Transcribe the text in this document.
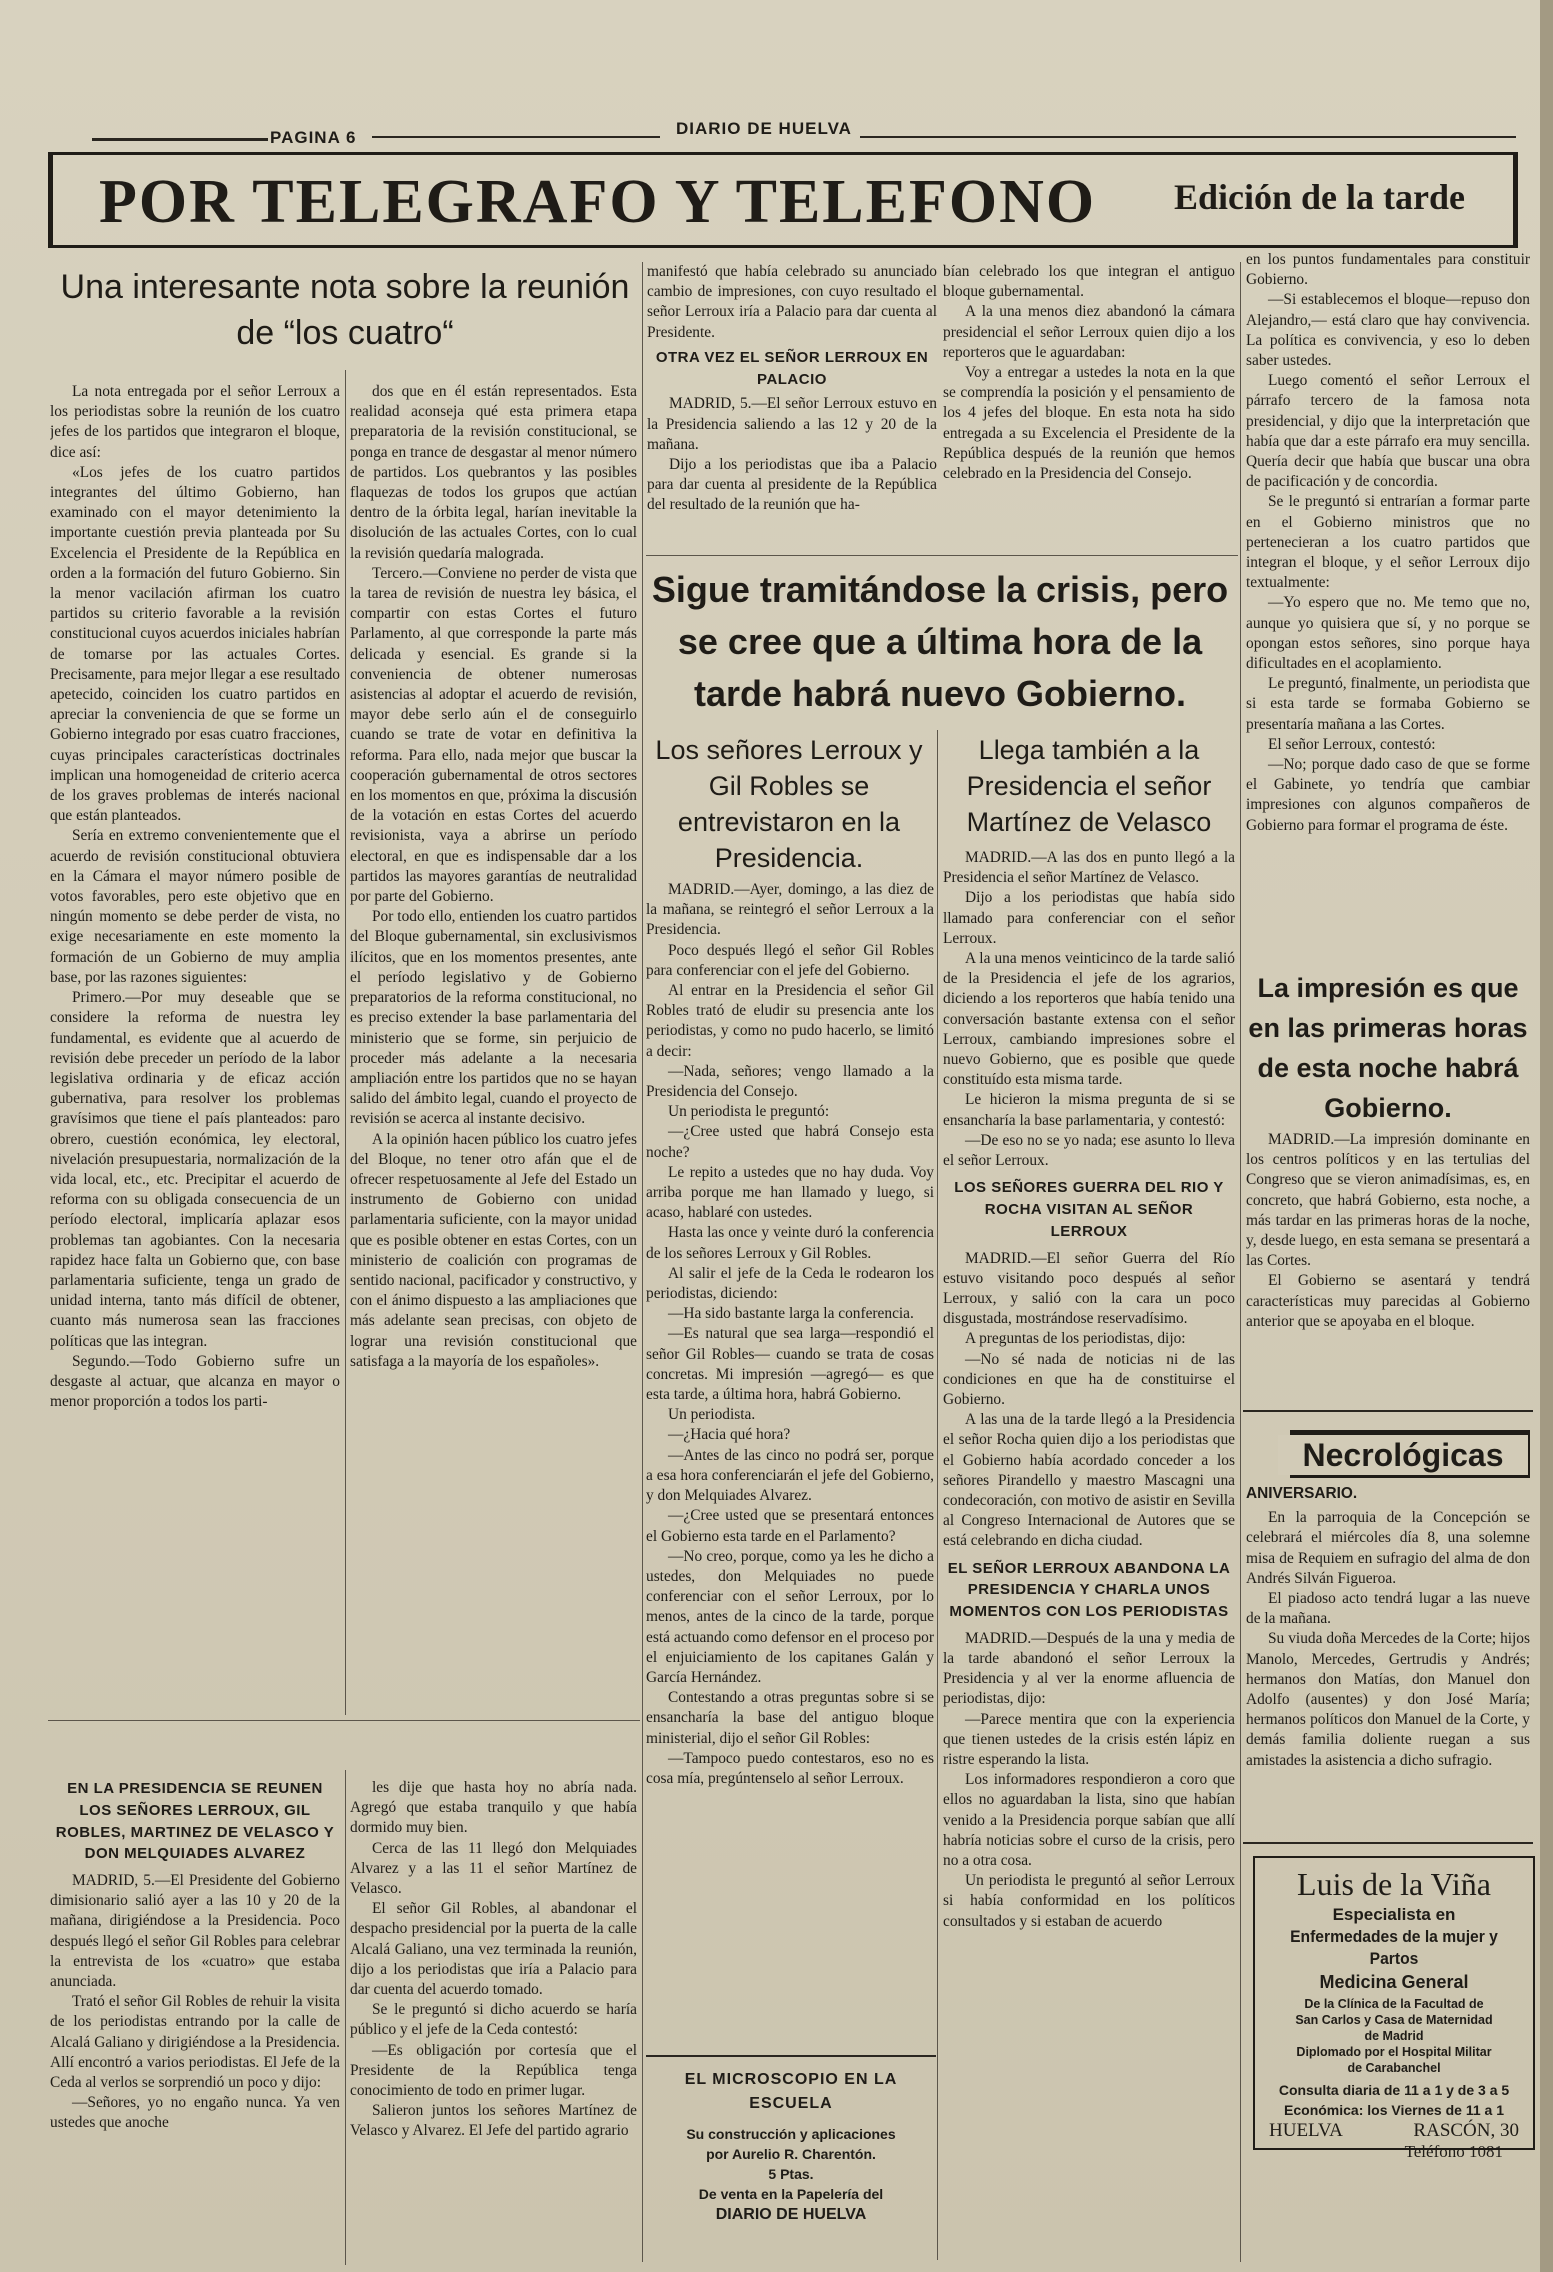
PAGINA 6	DIARIO DE HUELVA
POR TELEGRAFO Y TELEFONO Edición de la tarde
Una interesante nota sobre la reunión de “los cuatro“

La nota entregada por el señor Lerroux a los periodistas sobre la reunión de los cuatro jefes de los partidos que integraron el bloque, dice así:

«Los jefes de los cuatro partidos integrantes del último Gobierno, han examinado con el mayor detenimiento la importante cuestión previa planteada por Su Excelencia el Presidente de la República en orden a la formación del futuro Gobierno. Sin la menor vacilación afirman los cuatro partidos su criterio favorable a la revisión constitucional cuyos acuerdos iniciales habrían de tomarse por las actuales Cortes. Precisamente, para mejor llegar a ese resultado apetecido, coinciden los cuatro partidos en apreciar la conveniencia de que se forme un Gobierno integrado por esas cuatro fracciones, cuyas principales características doctrinales implican una homogeneidad de criterio acerca de los graves problemas de interés nacional que están planteados.

Sería en extremo convenientemente que el acuerdo de revisión constitucional obtuviera en la Cámara el mayor número posible de votos favorables, pero este objetivo que en ningún momento se debe perder de vista, no exige necesariamente en este momento la formación de un Gobierno de muy amplia base, por las razones siguientes:

Primero.—Por muy deseable que se considere la reforma de nuestra ley fundamental, es evidente que al acuerdo de revisión debe preceder un período de la labor legislativa ordinaria y de eficaz acción gubernativa, para resolver los problemas gravísimos que tiene el país planteados: paro obrero, cuestión económica, ley electoral, nivelación presupuestaria, normalización de la vida local, etc., etc. Precipitar el acuerdo de reforma con su obligada consecuencia de un período electoral, implicaría aplazar esos problemas tan agobiantes. Con la necesaria rapidez hace falta un Gobierno que, con base parlamentaria suficiente, tenga un grado de unidad interna, tanto más difícil de obtener, cuanto más numerosa sean las fracciones políticas que las integran.

Segundo.—Todo Gobierno sufre un desgaste al actuar, que alcanza en mayor o menor proporción a todos los parti-

dos que en él están representados. Esta realidad aconseja qué esta primera etapa preparatoria de la revisión constitucional, se ponga en trance de desgastar al menor número de partidos. Los quebrantos y las posibles flaquezas de todos los grupos que actúan dentro de la órbita legal, harían inevitable la disolución de las actuales Cortes, con lo cual la revisión quedaría malograda.

Tercero.—Conviene no perder de vista que la tarea de revisión de nuestra ley básica, el compartir con estas Cortes el futuro Parlamento, al que corresponde la parte más delicada y esencial. Es grande si la conveniencia de obtener numerosas asistencias al adoptar el acuerdo de revisión, mayor debe serlo aún el de conseguirlo cuando se trate de votar en definitiva la reforma. Para ello, nada mejor que buscar la cooperación gubernamental de otros sectores en los momentos en que, próxima la discusión de la votación en estas Cortes del acuerdo revisionista, vaya a abrirse un período electoral, en que es indispensable dar a los partidos las mayores garantías de neutralidad por parte del Gobierno.

Por todo ello, entienden los cuatro partidos del Bloque gubernamental, sin exclusivismos ilícitos, que en los momentos presentes, ante el período legislativo y de Gobierno preparatorios de la reforma constitucional, no es preciso extender la base parlamentaria del ministerio que se forme, sin perjuicio de proceder más adelante a la necesaria ampliación entre los partidos que no se hayan salido del ámbito legal, cuando el proyecto de revisión se acerca al instante decisivo.

A la opinión hacen público los cuatro jefes del Bloque, no tener otro afán que el de ofrecer respetuosamente al Jefe del Estado un instrumento de Gobierno con unidad parlamentaria suficiente, con la mayor unidad que es posible obtener en estas Cortes, con un ministerio de coalición con programas de sentido nacional, pacificador y constructivo, y con el ánimo dispuesto a las ampliaciones que más adelante sean precisas, con objeto de lograr una revisión constitucional que satisfaga a la mayoría de los españoles».

EN LA PRESIDENCIA SE REUNEN LOS SEÑORES LERROUX, GIL ROBLES, MARTINEZ DE VELASCO Y DON MELQUIADES ALVAREZ

MADRID, 5.—El Presidente del Gobierno dimisionario salió ayer a las 10 y 20 de la mañana, dirigiéndose a la Presidencia. Poco después llegó el señor Gil Robles para celebrar la entrevista de los «cuatro» que estaba anunciada.

Trató el señor Gil Robles de rehuir la visita de los periodistas entrando por la calle de Alcalá Galiano y dirigiéndose a la Presidencia. Allí encontró a varios periodistas. El Jefe de la Ceda al verlos se sorprendió un poco y dijo:

—Señores, yo no engaño nunca. Ya ven ustedes que anoche

les dije que hasta hoy no abría nada. Agregó que estaba tranquilo y que había dormido muy bien.

Cerca de las 11 llegó don Melquiades Alvarez y a las 11 el señor Martínez de Velasco.

El señor Gil Robles, al abandonar el despacho presidencial por la puerta de la calle Alcalá Galiano, una vez terminada la reunión, dijo a los periodistas que iría a Palacio para dar cuenta del acuerdo tomado.

Se le preguntó si dicho acuerdo se haría público y el jefe de la Ceda contestó:

—Es obligación por cortesía que el Presidente de la República tenga conocimiento de todo en primer lugar.

Salieron juntos los señores Martínez de Velasco y Alvarez. El Jefe del partido agrario

manifestó que había celebrado su anunciado cambio de impresiones, con cuyo resultado el señor Lerroux iría a Palacio para dar cuenta al Presidente.

OTRA VEZ EL SEÑOR LERROUX EN PALACIO

MADRID, 5.—El señor Lerroux estuvo en la Presidencia saliendo a las 12 y 20 de la mañana.

Dijo a los periodistas que iba a Palacio para dar cuenta al presidente de la República del resultado de la reunión que ha-

bían celebrado los que integran el antiguo bloque gubernamental.

A la una menos diez abandonó la cámara presidencial el señor Lerroux quien dijo a los reporteros que le aguardaban:

Voy a entregar a ustedes la nota en la que se comprendía la posición y el pensamiento de los 4 jefes del bloque. En esta nota ha sido entregada a su Excelencia el Presidente de la República después de la reunión que hemos celebrado en la Presidencia del Consejo.

Sigue tramitándose la crisis, pero se cree que a última hora de la tarde habrá nuevo Gobierno.
Los señores Lerroux y Gil Robles se entrevistaron en la Presidencia.

MADRID.—Ayer, domingo, a las diez de la mañana, se reintegró el señor Lerroux a la Presidencia.

Poco después llegó el señor Gil Robles para conferenciar con el jefe del Gobierno.

Al entrar en la Presidencia el señor Gil Robles trató de eludir su presencia ante los periodistas, y como no pudo hacerlo, se limitó a decir:

—Nada, señores; vengo llamado a la Presidencia del Consejo.

Un periodista le preguntó:

—¿Cree usted que habrá Consejo esta noche?

Le repito a ustedes que no hay duda. Voy arriba porque me han llamado y luego, si acaso, hablaré con ustedes.

Hasta las once y veinte duró la conferencia de los señores Lerroux y Gil Robles.

Al salir el jefe de la Ceda le rodearon los periodistas, diciendo:

—Ha sido bastante larga la conferencia.

—Es natural que sea larga—respondió el señor Gil Robles— cuando se trata de cosas concretas. Mi impresión —agregó— es que esta tarde, a última hora, habrá Gobierno.

Un periodista.

—¿Hacia qué hora?

—Antes de las cinco no podrá ser, porque a esa hora conferenciarán el jefe del Gobierno, y don Melquiades Alvarez.

—¿Cree usted que se presentará entonces el Gobierno esta tarde en el Parlamento?

—No creo, porque, como ya les he dicho a ustedes, don Melquiades no puede conferenciar con el señor Lerroux, por lo menos, antes de la cinco de la tarde, porque está actuando como defensor en el proceso por el enjuiciamiento de los capitanes Galán y García Hernández.

Contestando a otras preguntas sobre si se ensancharía la base del antiguo bloque ministerial, dijo el señor Gil Robles:

—Tampoco puedo contestaros, eso no es cosa mía, pregúntenselo al señor Lerroux.

EL MICROSCOPIO EN LA ESCUELA
Su construcción y aplicaciones
por Aurelio R. Charentón.
5 Ptas.
De venta en la Papelería del
DIARIO DE HUELVA
Llega también a la Presidencia el señor Martínez de Velasco

MADRID.—A las dos en punto llegó a la Presidencia el señor Martínez de Velasco.

Dijo a los periodistas que había sido llamado para conferenciar con el señor Lerroux.

A la una menos veinticinco de la tarde salió de la Presidencia el jefe de los agrarios, diciendo a los reporteros que había tenido una conversación bastante extensa con el señor Lerroux, cambiando impresiones sobre el nuevo Gobierno, que es posible que quede constituído esta misma tarde.

Le hicieron la misma pregunta de si se ensancharía la base parlamentaria, y contestó:

—De eso no se yo nada; ese asunto lo lleva el señor Lerroux.

LOS SEÑORES GUERRA DEL RIO Y ROCHA VISITAN AL SEÑOR LERROUX

MADRID.—El señor Guerra del Río estuvo visitando poco después al señor Lerroux, y salió con la cara un poco disgustada, mostrándose reservadísimo.

A preguntas de los periodistas, dijo:

—No sé nada de noticias ni de las condiciones en que ha de constituirse el Gobierno.

A las una de la tarde llegó a la Presidencia el señor Rocha quien dijo a los periodistas que el Gobierno había acordado conceder a los señores Pirandello y maestro Mascagni una condecoración, con motivo de asistir en Sevilla al Congreso Internacional de Autores que se está celebrando en dicha ciudad.

EL SEÑOR LERROUX ABANDONA LA PRESIDENCIA Y CHARLA UNOS MOMENTOS CON LOS PERIODISTAS

MADRID.—Después de la una y media de la tarde abandonó el señor Lerroux la Presidencia y al ver la enorme afluencia de periodistas, dijo:

—Parece mentira que con la experiencia que tienen ustedes de la crisis estén lápiz en ristre esperando la lista.

Los informadores respondieron a coro que ellos no aguardaban la lista, sino que habían venido a la Presidencia porque sabían que allí habría noticias sobre el curso de la crisis, pero no a otra cosa.

Un periodista le preguntó al señor Lerroux si había conformidad en los políticos consultados y si estaban de acuerdo

en los puntos fundamentales para constituir Gobierno.

—Si establecemos el bloque—repuso don Alejandro,— está claro que hay convivencia. La política es convivencia, y eso lo deben saber ustedes.

Luego comentó el señor Lerroux el párrafo tercero de la famosa nota presidencial, y dijo que la interpretación que había que dar a este párrafo era muy sencilla. Quería decir que había que buscar una obra de pacificación y de concordia.

Se le preguntó si entrarían a formar parte en el Gobierno ministros que no pertenecieran a los cuatro partidos que integran el bloque, y el señor Lerroux dijo textualmente:

—Yo espero que no. Me temo que no, aunque yo quisiera que sí, y no porque se opongan estos señores, sino porque haya dificultades en el acoplamiento.

Le preguntó, finalmente, un periodista que si esta tarde se formaba Gobierno se presentaría mañana a las Cortes.

El señor Lerroux, contestó:

—No; porque dado caso de que se forme el Gabinete, yo tendría que cambiar impresiones con algunos compañeros de Gobierno para formar el programa de éste.

La impresión es que en las primeras horas de esta noche habrá Gobierno.

MADRID.—La impresión dominante en los centros políticos y en las tertulias del Congreso que se vieron animadísimas, es, en concreto, que habrá Gobierno, esta noche, a más tardar en las primeras horas de la noche, y, desde luego, en esta semana se presentará a las Cortes.

El Gobierno se asentará y tendrá características muy parecidas al Gobierno anterior que se apoyaba en el bloque.

Necrológicas

ANIVERSARIO.

En la parroquia de la Concepción se celebrará el miércoles día 8, una solemne misa de Requiem en sufragio del alma de don Andrés Silván Figueroa.

El piadoso acto tendrá lugar a las nueve de la mañana.

Su viuda doña Mercedes de la Corte; hijos Manolo, Mercedes, Gertrudis y Andrés; hermanos don Matías, don Manuel don Adolfo (ausentes) y don José María; hermanos políticos don Manuel de la Corte, y demás familia doliente ruegan a sus amistades la asistencia a dicho sufragio.

Luis de la Viña
Especialista en
Enfermedades de la mujer y Partos
Medicina General
De la Clínica de la Facultad de
San Carlos y Casa de Maternidad
de Madrid
Diplomado por el Hospital Militar
de Carabanchel
Consulta diaria de 11 a 1 y de 3 a 5
Económica: los Viernes de 11 a 1
HUELVA	RASCÓN, 30
Teléfono 1081
